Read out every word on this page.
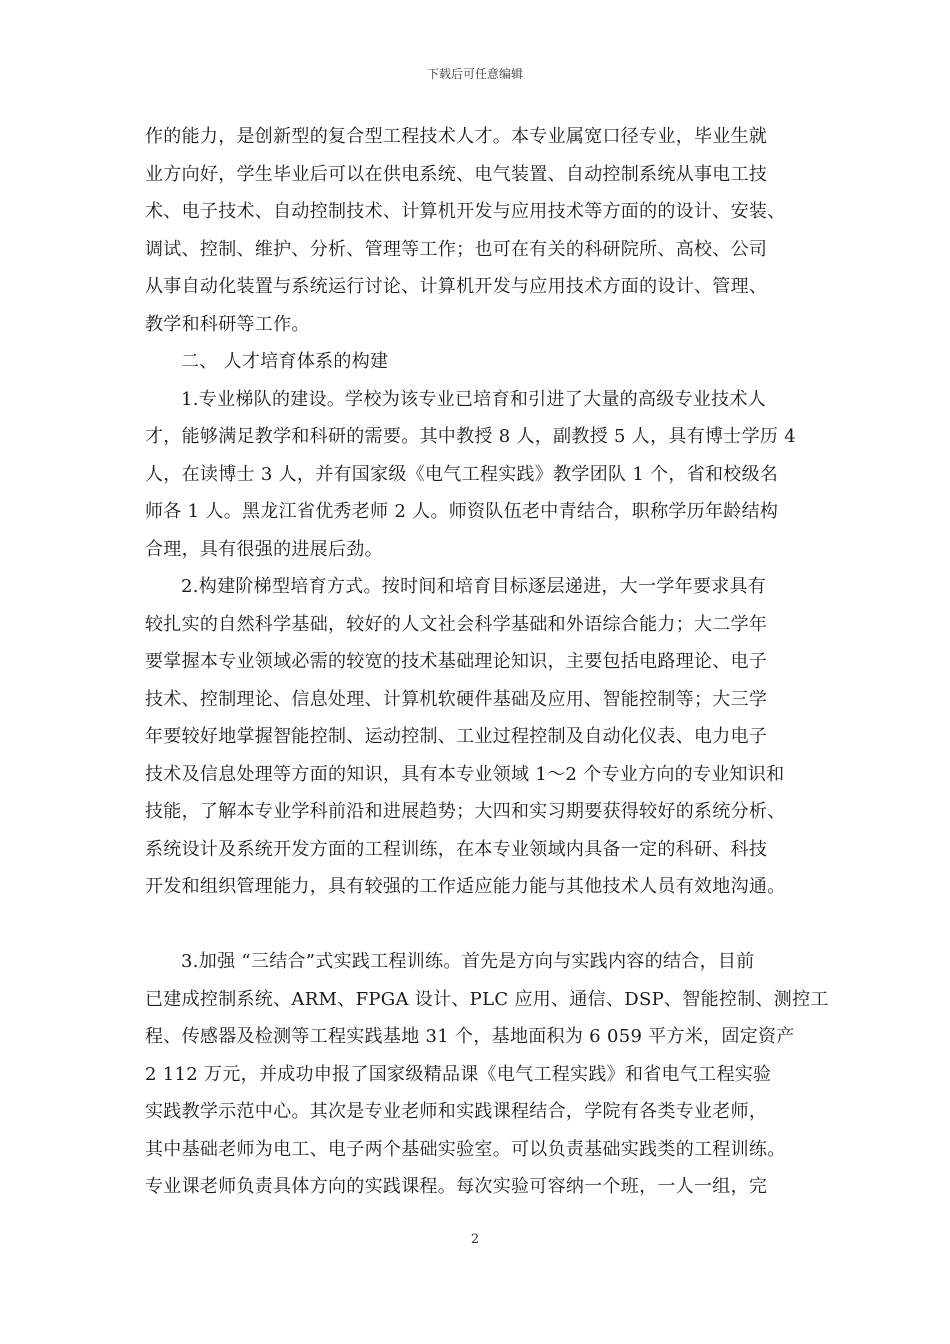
下载后可任意编辑
作的能力，是创新型的复合型工程技术人才。本专业属宽口径专业，毕业生就
业方向好，学生毕业后可以在供电系统、电气装置、自动控制系统从事电工技
术、电子技术、自动控制技术、计算机开发与应用技术等方面的的设计、安装、
调试、控制、维护、分析、管理等工作；也可在有关的科研院所、高校、公司
从事自动化装置与系统运行讨论、计算机开发与应用技术方面的设计、管理、
教学和科研等工作。
二、 人才培育体系的构建
1.专业梯队的建设。学校为该专业已培育和引进了大量的高级专业技术人
才，能够满足教学和科研的需要。其中教授 8 人，副教授 5 人，具有博士学历 4
人，在读博士 3 人，并有国家级《电气工程实践》教学团队 1 个，省和校级名
师各 1 人。黑龙江省优秀老师 2 人。师资队伍老中青结合，职称学历年龄结构
合理，具有很强的进展后劲。
2.构建阶梯型培育方式。按时间和培育目标逐层递进，大一学年要求具有
较扎实的自然科学基础，较好的人文社会科学基础和外语综合能力；大二学年
要掌握本专业领域必需的较宽的技术基础理论知识，主要包括电路理论、电子
技术、控制理论、信息处理、计算机软硬件基础及应用、智能控制等；大三学
年要较好地掌握智能控制、运动控制、工业过程控制及自动化仪表、电力电子
技术及信息处理等方面的知识，具有本专业领域 1～2 个专业方向的专业知识和
技能，了解本专业学科前沿和进展趋势；大四和实习期要获得较好的系统分析、
系统设计及系统开发方面的工程训练，在本专业领域内具备一定的科研、科技
开发和组织管理能力，具有较强的工作适应能力能与其他技术人员有效地沟通。
3.加强 “三结合”式实践工程训练。首先是方向与实践内容的结合，目前
已建成控制系统、ARM、FPGA 设计、PLC 应用、通信、DSP、智能控制、测控工
程、传感器及检测等工程实践基地 31 个，基地面积为 6 059 平方米，固定资产
2 112 万元，并成功申报了国家级精品课《电气工程实践》和省电气工程实验
实践教学示范中心。其次是专业老师和实践课程结合，学院有各类专业老师，
其中基础老师为电工、电子两个基础实验室。可以负责基础实践类的工程训练。
专业课老师负责具体方向的实践课程。每次实验可容纳一个班，一人一组，完
2
